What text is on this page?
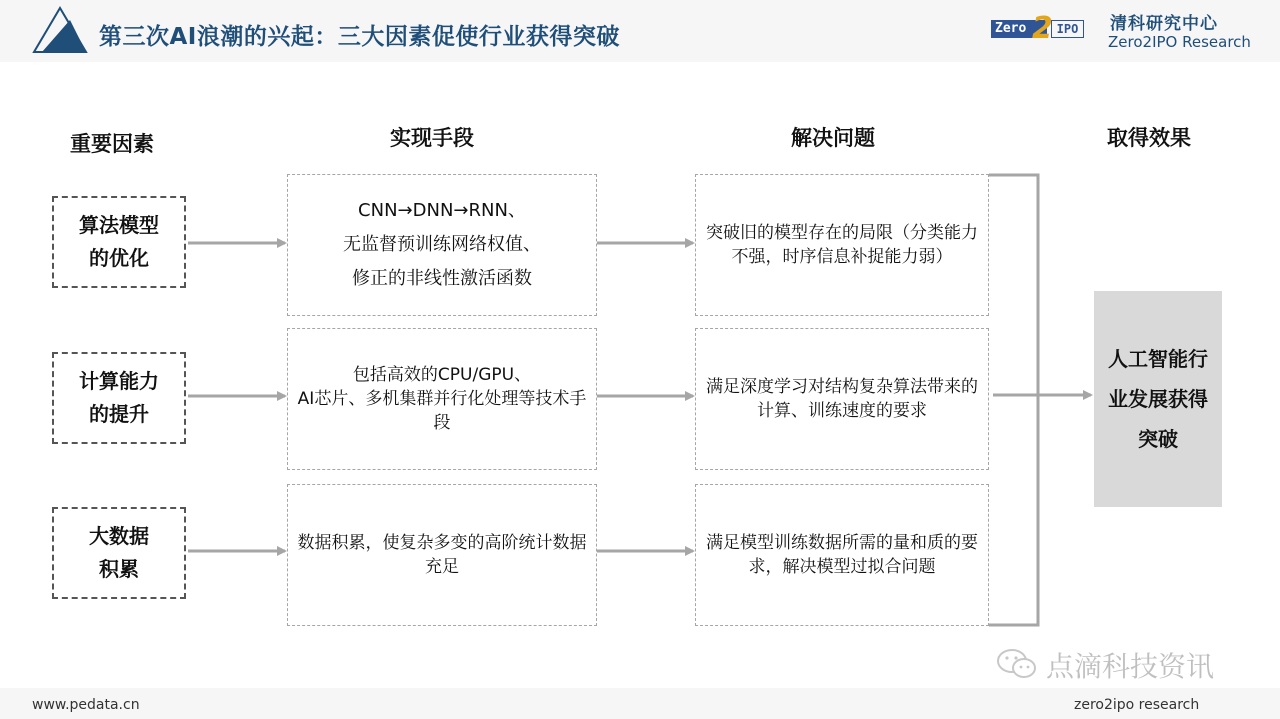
第三次AI浪潮的兴起：三大因素促使行业获得突破	Zero 2 IPO	清科研究中心
Zero2IPO Research
重要因素	实现手段	解决问题	取得效果
算法模型
的优化
计算能力
的提升
大数据
积累
CNN→DNN→RNN、
无监督预训练网络权值、
修正的非线性激活函数
包括高效的CPU/GPU、
AI芯片、多机集群并行化处理等技术手段
数据积累，使复杂多变的高阶统计数据充足
突破旧的模型存在的局限（分类能力不强，时序信息补捉能力弱）
满足深度学习对结构复杂算法带来的计算、训练速度的要求
满足模型训练数据所需的量和质的要求，解决模型过拟合问题
人工智能行业发展获得突破
点滴科技资讯
www.pedata.cn	zero2ipo research
